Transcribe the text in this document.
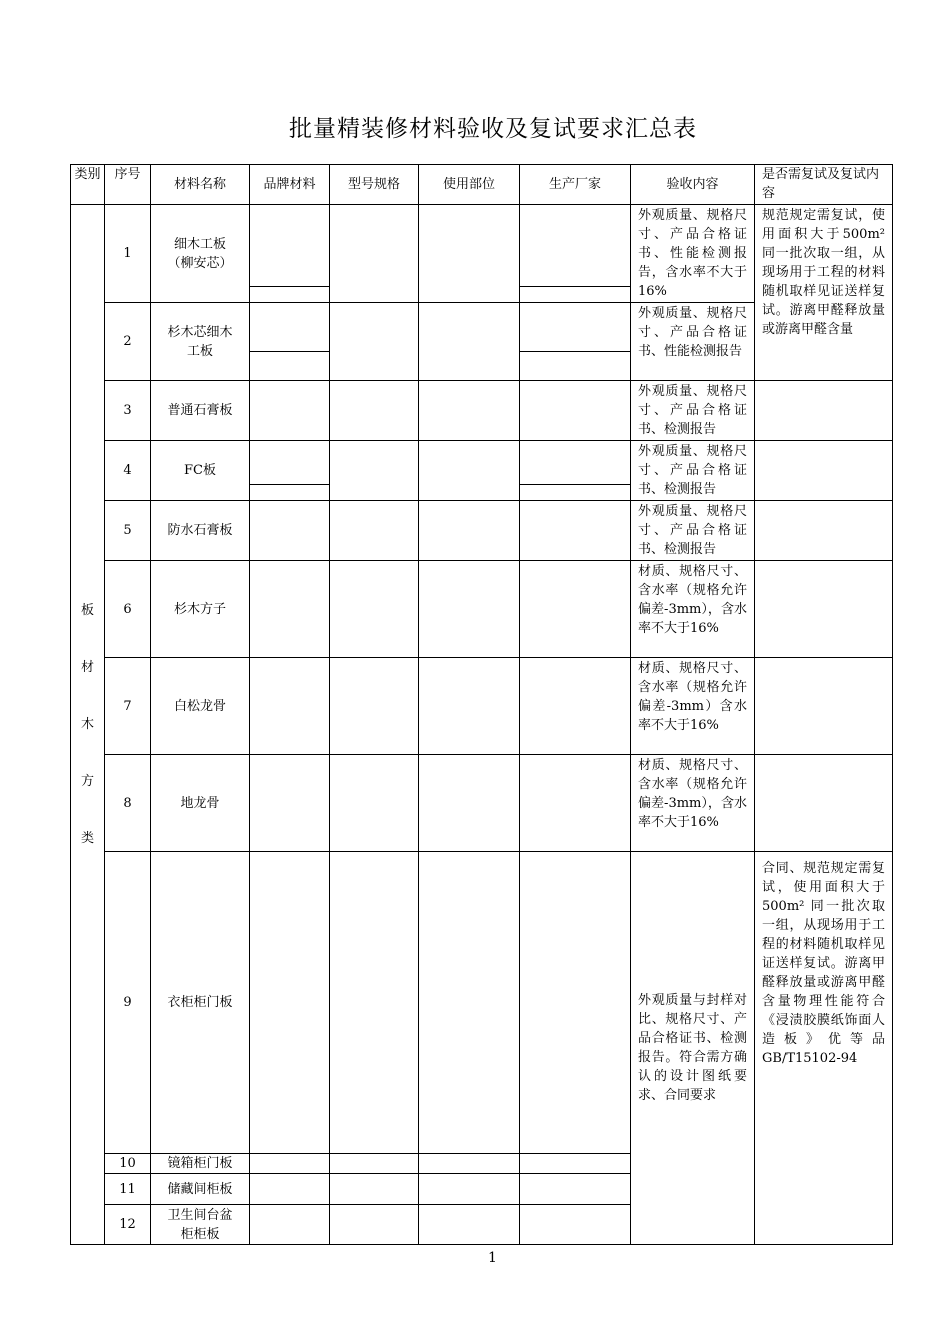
批量精装修材料验收及复试要求汇总表
类别	序号	材料名称	品牌材料	型号规格	使用部位	生产厂家	验收内容	是否需复试及复试内容

板
材
木
方
类	1	细木工板（柳安芯）					外观质量、规格尺寸、产品合格证书、性能检测报告，含水率不大于16%	规范规定需复试，使用面积大于500m² 同一批次取一组，从现场用于工程的材料随机取样见证送样复试。游离甲醛释放量或游离甲醛含量
	2	杉木芯细木工板					外观质量、规格尺寸、产品合格证书、性能检测报告	
	3	普通石膏板					外观质量、规格尺寸、产品合格证书、检测报告	
	4	FC板					外观质量、规格尺寸、产品合格证书、检测报告	
	5	防水石膏板					外观质量、规格尺寸、产品合格证书、检测报告	
	6	杉木方子					材质、规格尺寸、含水率（规格允许偏差-3mm），含水率不大于16%	
	7	白松龙骨					材质、规格尺寸、含水率（规格允许偏差-3mm）含水率不大于16%	
	8	地龙骨					材质、规格尺寸、含水率（规格允许偏差-3mm），含水率不大于16%	
	9	衣柜柜门板					外观质量与封样对比、规格尺寸、产品合格证书、检测报告。符合需方确认的设计图纸要求、合同要求	合同、规范规定需复试，使用面积大于 500m² 同一批次取一组，从现场用于工程的材料随机取样见证送样复试。游离甲醛释放量或游离甲醛含量物理性能符合《浸渍胶膜纸饰面人造板》优等品GB/T15102-94
	10	镜箱柜门板						
	11	储藏间柜板						
	12	卫生间台盆柜柜板						
1
